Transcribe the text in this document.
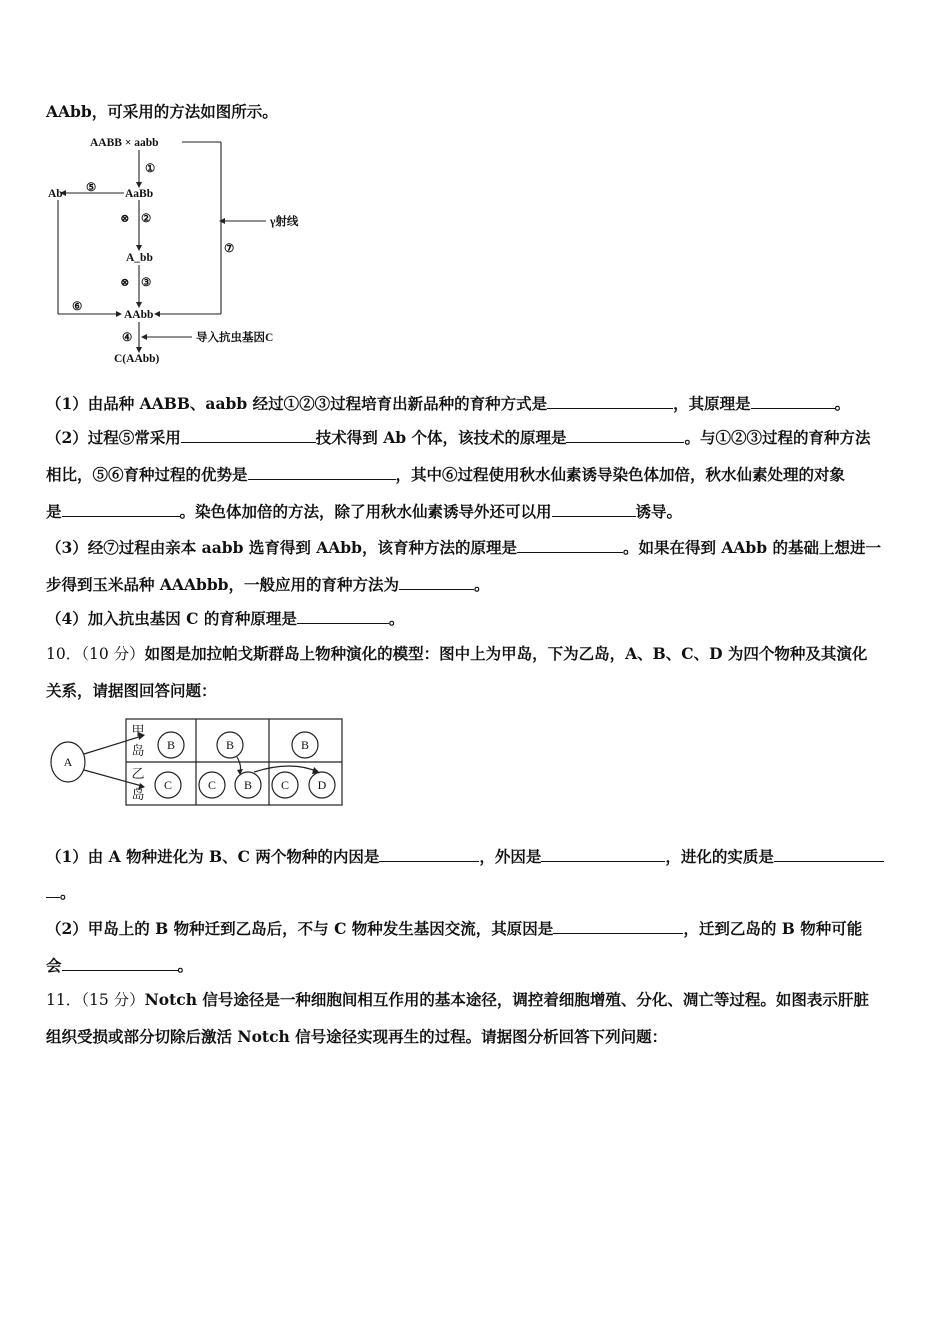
AAbb，可采用的方法如图所示。
AABB × aabb
①
AaBb
Ab ⑤
⊗ ②	γ射线
⑦
A_bb
⊗ ③
⑥
AAbb
④	导入抗虫基因C
C(AAbb)
（1）由品种 AABB、aabb 经过①②③过程培育出新品种的育种方式是	，其原理是	。
（2）过程⑤常采用	技术得到 Ab 个体，该技术的原理是	。与①②③过程的育种方法
相比，⑤⑥育种过程的优势是	，其中⑥过程使用秋水仙素诱导染色体加倍，秋水仙素处理的对象
是	。染色体加倍的方法，除了用秋水仙素诱导外还可以用	诱导。
（3）经⑦过程由亲本 aabb 选育得到 AAbb，该育种方法的原理是	。如果在得到 AAbb 的基础上想进一
步得到玉米品种 AAAbbb，一般应用的育种方法为	。
（4）加入抗虫基因 C 的育种原理是	。
10．（10 分）如图是加拉帕戈斯群岛上物种演化的模型：图中上为甲岛，下为乙岛，A、B、C、D 为四个物种及其演化
关系，请据图回答问题：
A
B	B	B
C	C B C D
甲
岛
乙
岛
（1）由 A 物种进化为 B、C 两个物种的内因是	，外因是	，进化的实质是
。
（2）甲岛上的 B 物种迁到乙岛后，不与 C 物种发生基因交流，其原因是	，迁到乙岛的 B 物种可能
会	。
11．（15 分）Notch 信号途径是一种细胞间相互作用的基本途径，调控着细胞增殖、分化、凋亡等过程。如图表示肝脏
组织受损或部分切除后激活 Notch 信号途径实现再生的过程。请据图分析回答下列问题：
